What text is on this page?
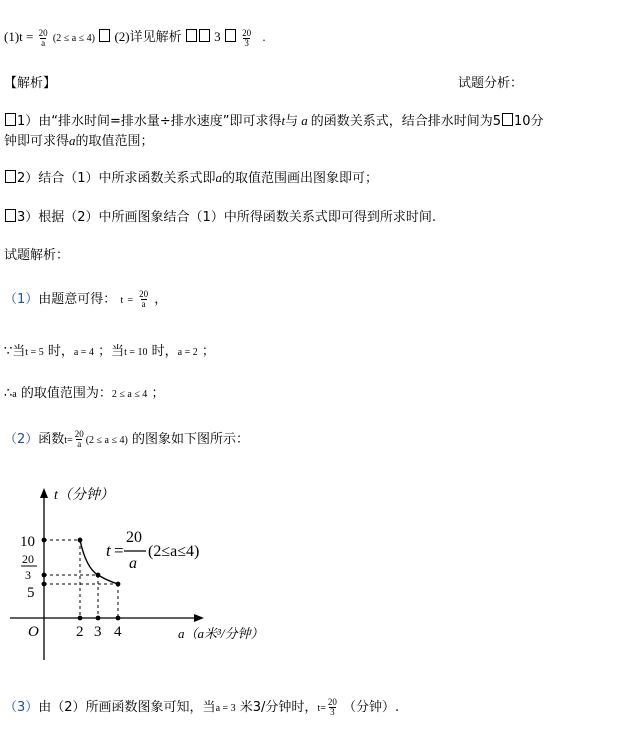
$(1)t = \frac{20}{a} (2 \le a \le 4)$ (2)详见解析	$3 \frac{20}{3}$ .
【解析】	试题分析：
1）由“排水时间=排水量÷排水速度”即可求得t与 a 的函数关系式，结合排水时间为5 10分
钟即可求得a的取值范围；
2）结合（1）中所求函数关系式即a的取值范围画出图象即可；
3）根据（2）中所画图象结合（1）中所得函数关系式即可得到所求时间.
试题解析：
（1）由题意可得： $t = \frac{20}{a}$ ，
∵当t = 5 时，a = 4 ；当t = 10 时，a = 2 ；
∴a 的取值范围为：2 ≤ a ≤ 4 ；
（2）函数$t= \frac{20}{a} (2 \le a \le 4)$ 的图象如下图所示：
t（分钟）
10
20
3
5
O 2 3 4	a（a米³/分钟）
t =
20
a
(2≤a≤4)
（3）由（2）所画函数图象可知，当a = 3 米3/分钟时，$t= \frac{20}{3}$ （分钟）.
